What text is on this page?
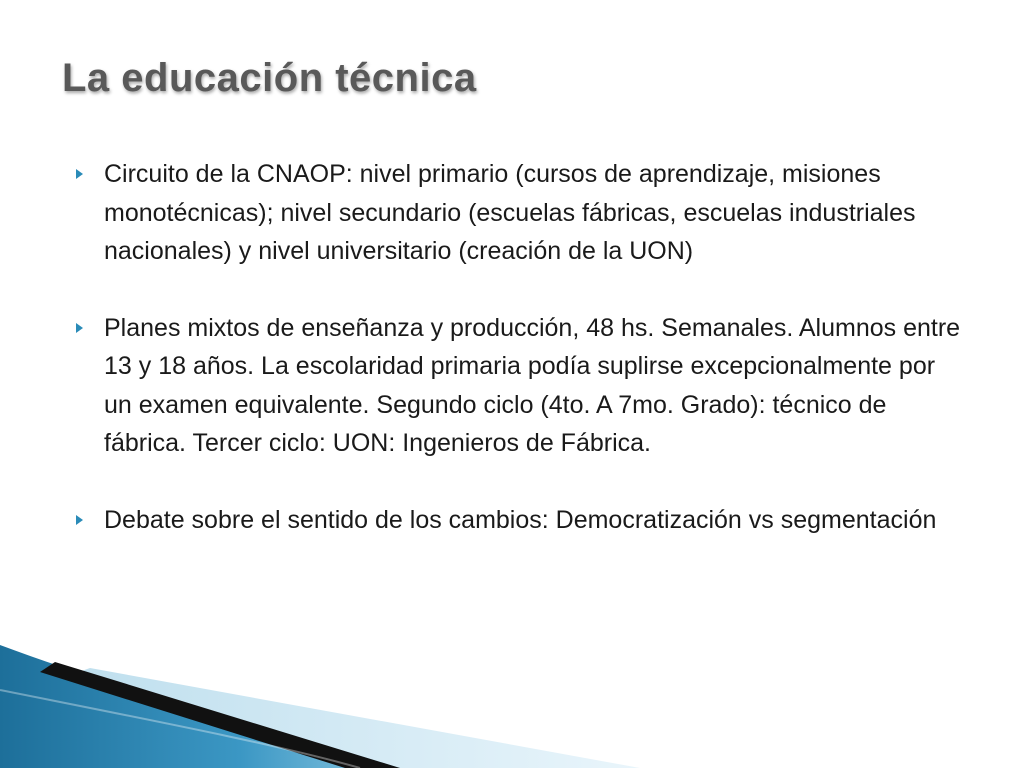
La educación técnica
Circuito de la CNAOP: nivel primario (cursos de aprendizaje, misiones monotécnicas); nivel secundario (escuelas fábricas, escuelas industriales nacionales) y nivel universitario (creación de la UON)
Planes mixtos de enseñanza y producción, 48 hs. Semanales. Alumnos entre 13 y 18 años. La escolaridad primaria podía suplirse excepcionalmente por un examen equivalente. Segundo ciclo (4to. A 7mo. Grado): técnico de fábrica. Tercer ciclo: UON: Ingenieros de Fábrica.
Debate sobre el sentido de los cambios: Democratización vs segmentación
